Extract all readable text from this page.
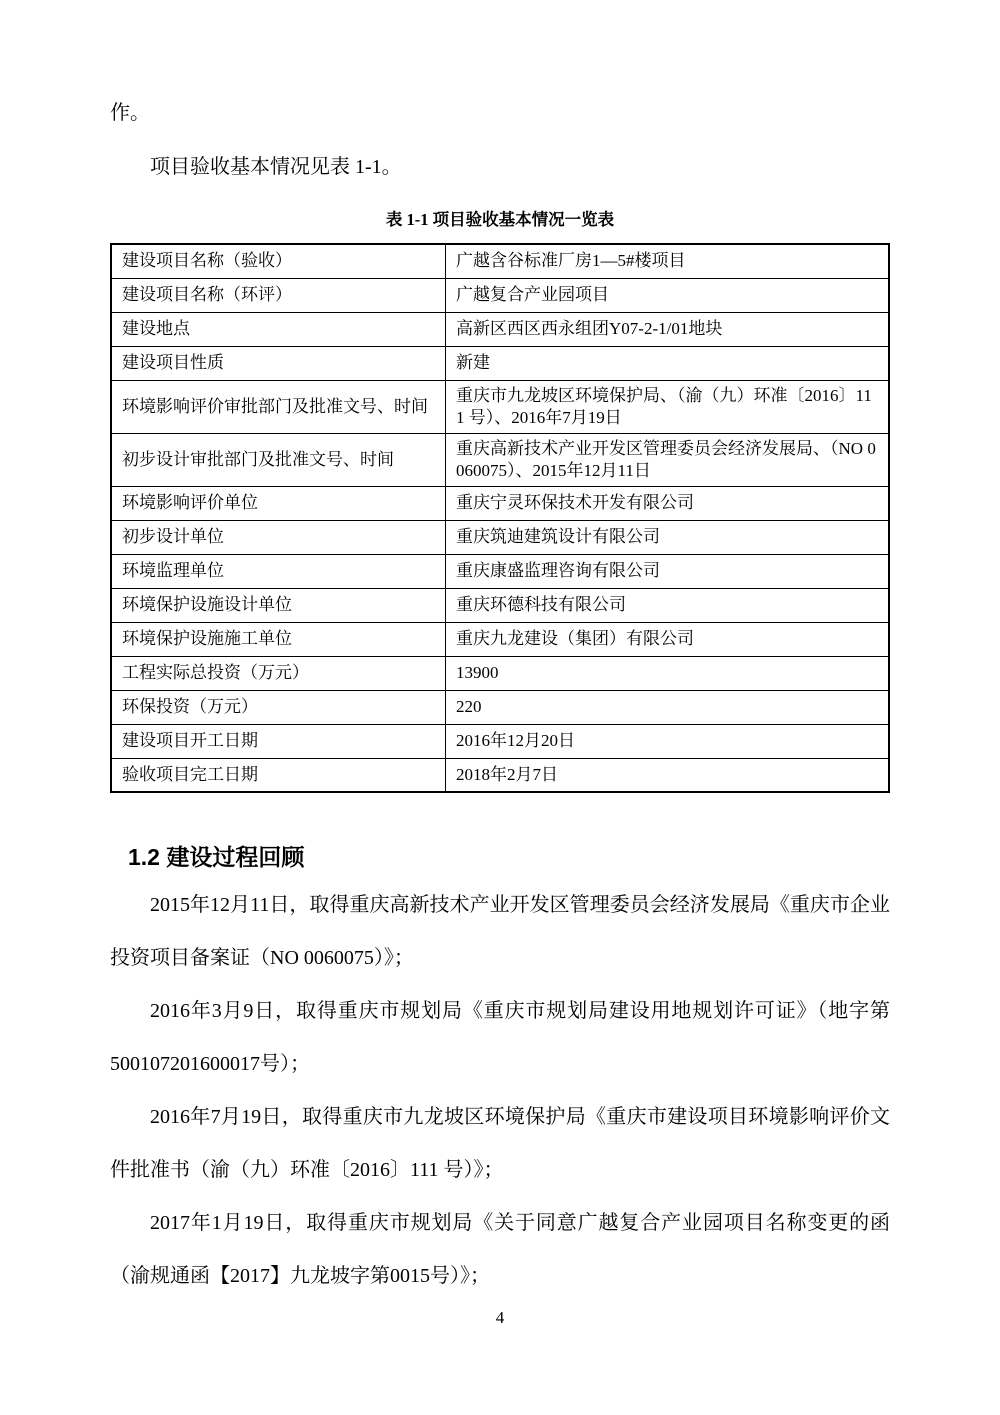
作。
项目验收基本情况见表 1-1。
表 1-1 项目验收基本情况一览表
建设项目名称（验收）	广越含谷标准厂房1—5#楼项目
建设项目名称（环评）	广越复合产业园项目
建设地点	高新区西区西永组团Y07-2-1/01地块
建设项目性质	新建
环境影响评价审批部门及批准文号、时间	重庆市九龙坡区环境保护局、（渝（九）环准〔2016〕111 号）、2016年7月19日
初步设计审批部门及批准文号、时间	重庆高新技术产业开发区管理委员会经济发展局、（NO 0060075）、2015年12月11日
环境影响评价单位	重庆宁灵环保技术开发有限公司
初步设计单位	重庆筑迪建筑设计有限公司
环境监理单位	重庆康盛监理咨询有限公司
环境保护设施设计单位	重庆环德科技有限公司
环境保护设施施工单位	重庆九龙建设（集团）有限公司
工程实际总投资（万元）	13900
环保投资（万元）	220
建设项目开工日期	2016年12月20日
验收项目完工日期	2018年2月7日
1.2 建设过程回顾

2015年12月11日，取得重庆高新技术产业开发区管理委员会经济发展局《重庆市企业投资项目备案证（NO 0060075）》；

2016年3月9日，取得重庆市规划局《重庆市规划局建设用地规划许可证》（地字第500107201600017号）；

2016年7月19日，取得重庆市九龙坡区环境保护局《重庆市建设项目环境影响评价文件批准书（渝（九）环准〔2016〕111 号）》；

2017年1月19日，取得重庆市规划局《关于同意广越复合产业园项目名称变更的函（渝规通函【2017】九龙坡字第0015号）》；

4
